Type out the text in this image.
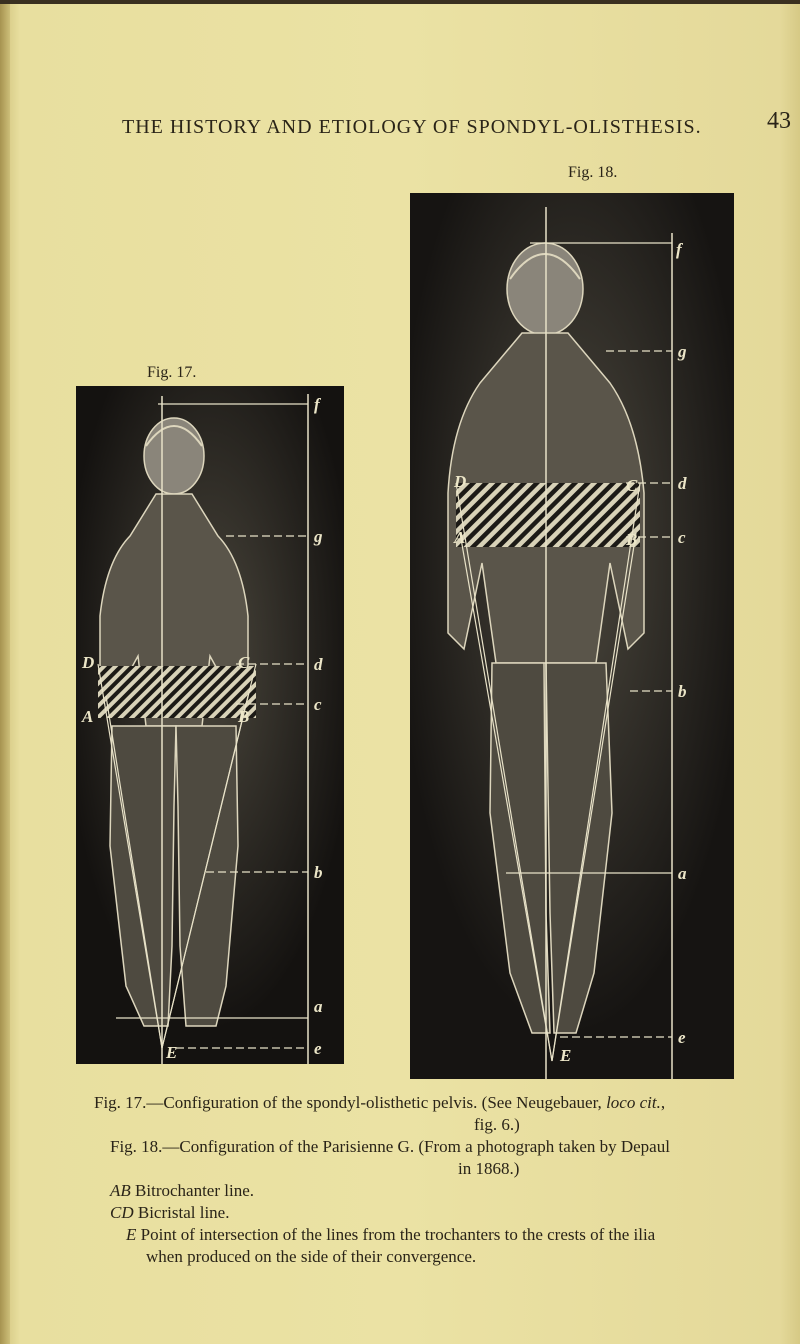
THE HISTORY AND ETIOLOGY OF SPONDYL-OLISTHESIS.	43
Fig. 17.
Fig. 18.
f
g
d
c
b
a
e
D
A
C
B
E
f
g
d
c
b
a
e
D
A
C
B
E
Fig. 17.—Configuration of the spondyl-olisthetic pelvis. (See Neugebauer, loco cit.,
fig. 6.)
Fig. 18.—Configuration of the Parisienne G. (From a photograph taken by Depaul
in 1868.)
AB Bitrochanter line.
CD Bicristal line.
E Point of intersection of the lines from the trochanters to the crests of the ilia
when produced on the side of their convergence.
